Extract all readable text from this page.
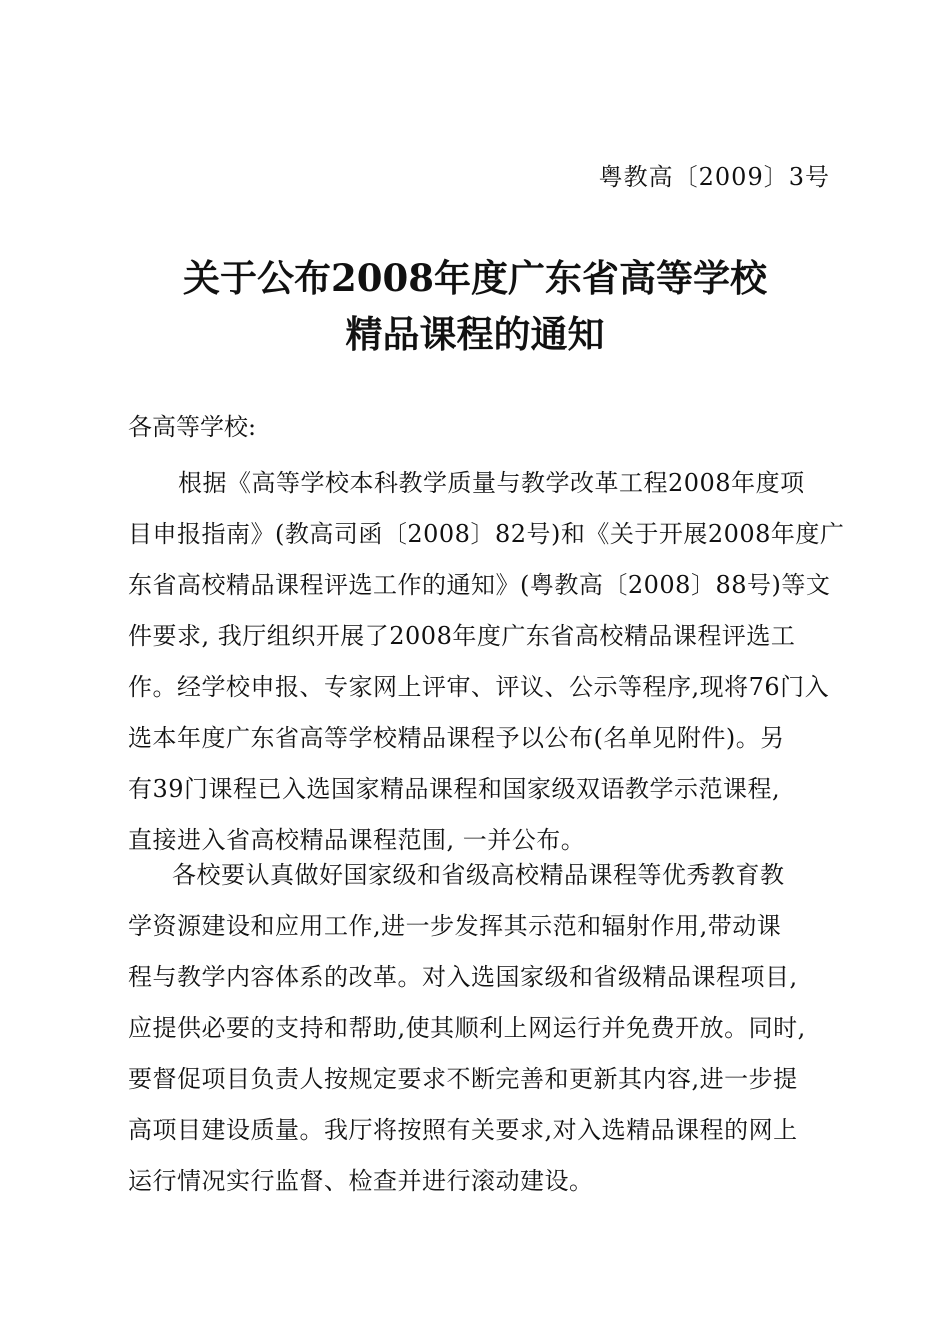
粤教高〔2009〕3号
关于公布2008年度广东省高等学校
精品课程的通知
各高等学校:
根据《高等学校本科教学质量与教学改革工程2008年度项
目申报指南》(教高司函〔2008〕82号)和《关于开展2008年度广
东省高校精品课程评选工作的通知》(粤教高〔2008〕88号)等文
件要求, 我厅组织开展了2008年度广东省高校精品课程评选工
作。经学校申报、专家网上评审、评议、公示等程序,现将76门入
选本年度广东省高等学校精品课程予以公布(名单见附件)。另
有39门课程已入选国家精品课程和国家级双语教学示范课程,
直接进入省高校精品课程范围, 一并公布。
各校要认真做好国家级和省级高校精品课程等优秀教育教
学资源建设和应用工作,进一步发挥其示范和辐射作用,带动课
程与教学内容体系的改革。对入选国家级和省级精品课程项目,
应提供必要的支持和帮助,使其顺利上网运行并免费开放。同时,
要督促项目负责人按规定要求不断完善和更新其内容,进一步提
高项目建设质量。我厅将按照有关要求,对入选精品课程的网上
运行情况实行监督、检查并进行滚动建设。
